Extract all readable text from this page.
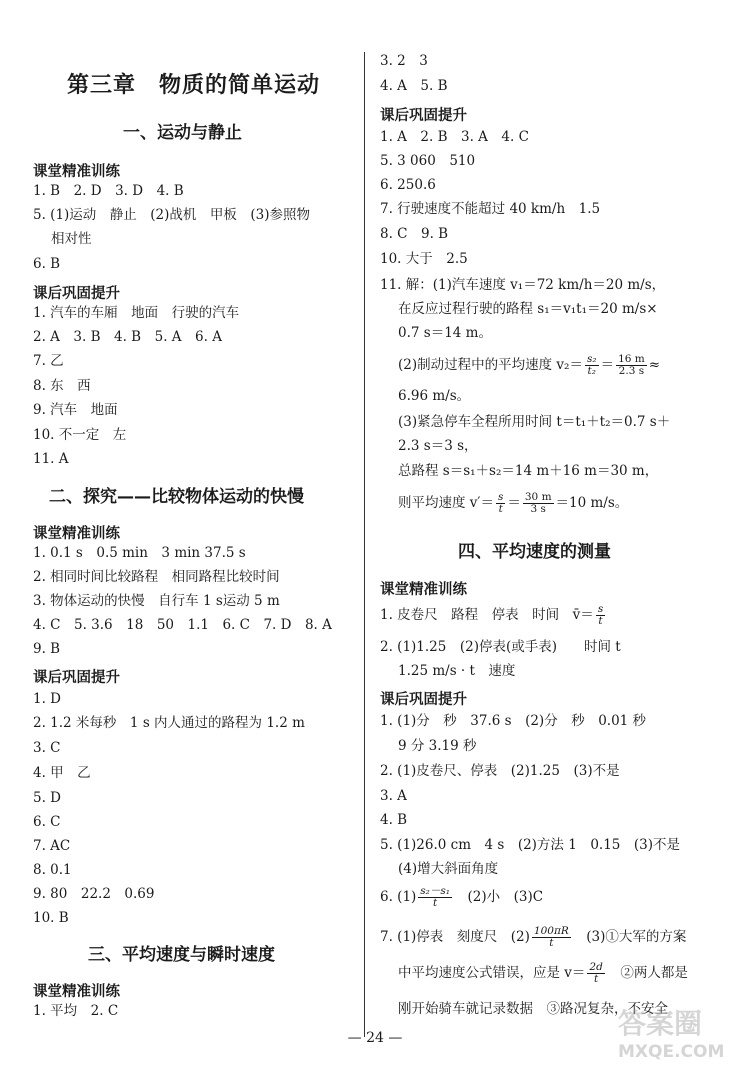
第三章　物质的简单运动
一、运动与静止
课堂精准训练
1. B　2. D　3. D　4. B
5. (1)运动　静止　(2)战机　甲板　(3)参照物
相对性
6. B
课后巩固提升
1. 汽车的车厢　地面　行驶的汽车
2. A　3. B　4. B　5. A　6. A
7. 乙
8. 东　西
9. 汽车　地面
10. 不一定　左
11. A
二、探究——比较物体运动的快慢
课堂精准训练
1. 0.1 s　0.5 min　3 min 37.5 s
2. 相同时间比较路程　相同路程比较时间
3. 物体运动的快慢　自行车 1 s运动 5 m
4. C　5. 3.6　18　50　1.1　6. C　7. D　8. A
9. B
课后巩固提升
1. D
2. 1.2 米每秒　1 s 内人通过的路程为 1.2 m
3. C
4. 甲　乙
5. D
6. C
7. AC
8. 0.1
9. 80　22.2　0.69
10. B
三、平均速度与瞬时速度
课堂精准训练
1. 平均　2. C
3. 2　3
4. A　5. B
课后巩固提升
1. A　2. B　3. A　4. C
5. 3 060　510
6. 250.6
7. 行驶速度不能超过 40 km/h　1.5
8. C　9. B
10. 大于　2.5
11. 解：(1)汽车速度 v₁＝72 km/h＝20 m/s，
在反应过程行驶的路程 s₁＝v₁t₁＝20 m/s×
0.7 s＝14 m。
(2)制动过程中的平均速度 $v_2= \frac{\text{s₂}}{\text{t₂}} = \frac{16 m}{2.3 s}$ ≈
6.96 m/s。
(3)紧急停车全程所用时间 t＝t₁＋t₂＝0.7 s＋
2.3 s＝3 s，
总路程 s＝s₁＋s₂＝14 m＋16 m＝30 m，
则平均速度 $v'= \frac{s}{t} = \frac{30 m}{3 s} =10$ m/s。
四、平均速度的测量
课堂精准训练
1. 皮卷尺　路程　停表　时间　v̄＝ $\frac{s}{t}$
2. (1)1.25　(2)停表(或手表)　　时间 t
1.25 m/s · t　速度
课后巩固提升
1. (1)分　秒　37.6 s　(2)分　秒　0.01 秒
9 分 3.19 秒
2. (1)皮卷尺、停表　(2)1.25　(3)不是
3. A
4. B
5. (1)26.0 cm　4 s　(2)方法 1　0.15　(3)不是
(4)增大斜面角度
6. $(1) \frac{\text{s₂－s₁}}{t}$ 　(2)小　(3)C
7. (1)停表　刻度尺　$(2) \frac{100\pi R}{t}$ 　(3)①大军的方案
中平均速度公式错误，应是 $v= \frac{2d}{t}$ 　②两人都是
刚开始骑车就记录数据　③路况复杂，不安全
— 24 —	答案圈
MXQE.COM
